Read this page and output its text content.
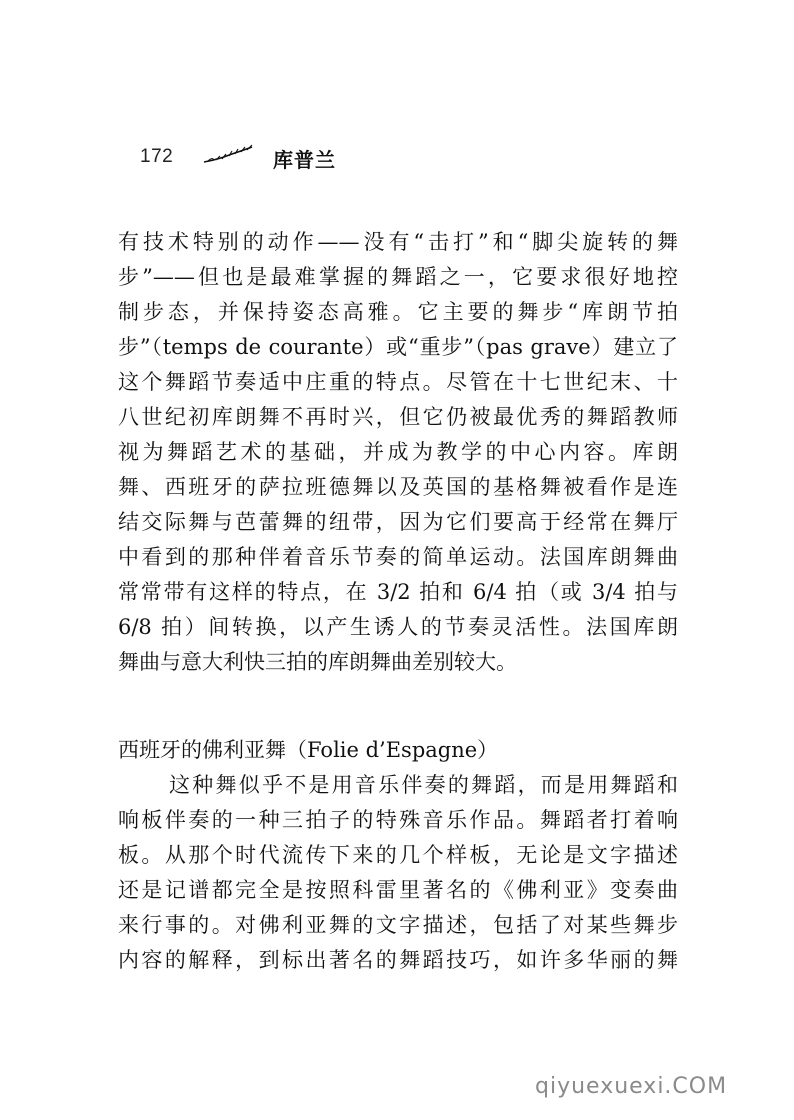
172	库普兰
有技术特别的动作——没有“击打”和“脚尖旋转的舞
步”——但也是最难掌握的舞蹈之一，它要求很好地控
制步态，并保持姿态高雅。它主要的舞步“库朗节拍
步”（temps de courante）或“重步”（pas grave）建立了
这个舞蹈节奏适中庄重的特点。尽管在十七世纪末、十
八世纪初库朗舞不再时兴，但它仍被最优秀的舞蹈教师
视为舞蹈艺术的基础，并成为教学的中心内容。库朗
舞、西班牙的萨拉班德舞以及英国的基格舞被看作是连
结交际舞与芭蕾舞的纽带，因为它们要高于经常在舞厅
中看到的那种伴着音乐节奏的简单运动。法国库朗舞曲
常常带有这样的特点，在 3/2 拍和 6/4 拍（或 3/4 拍与
6/8 拍）间转换，以产生诱人的节奏灵活性。法国库朗
舞曲与意大利快三拍的库朗舞曲差别较大。
西班牙的佛利亚舞（Folie d’Espagne）
这种舞似乎不是用音乐伴奏的舞蹈，而是用舞蹈和
响板伴奏的一种三拍子的特殊音乐作品。舞蹈者打着响
板。从那个时代流传下来的几个样板，无论是文字描述
还是记谱都完全是按照科雷里著名的《佛利亚》变奏曲
来行事的。对佛利亚舞的文字描述，包括了对某些舞步
内容的解释，到标出著名的舞蹈技巧，如许多华丽的舞
qiyuexuexi.COM
